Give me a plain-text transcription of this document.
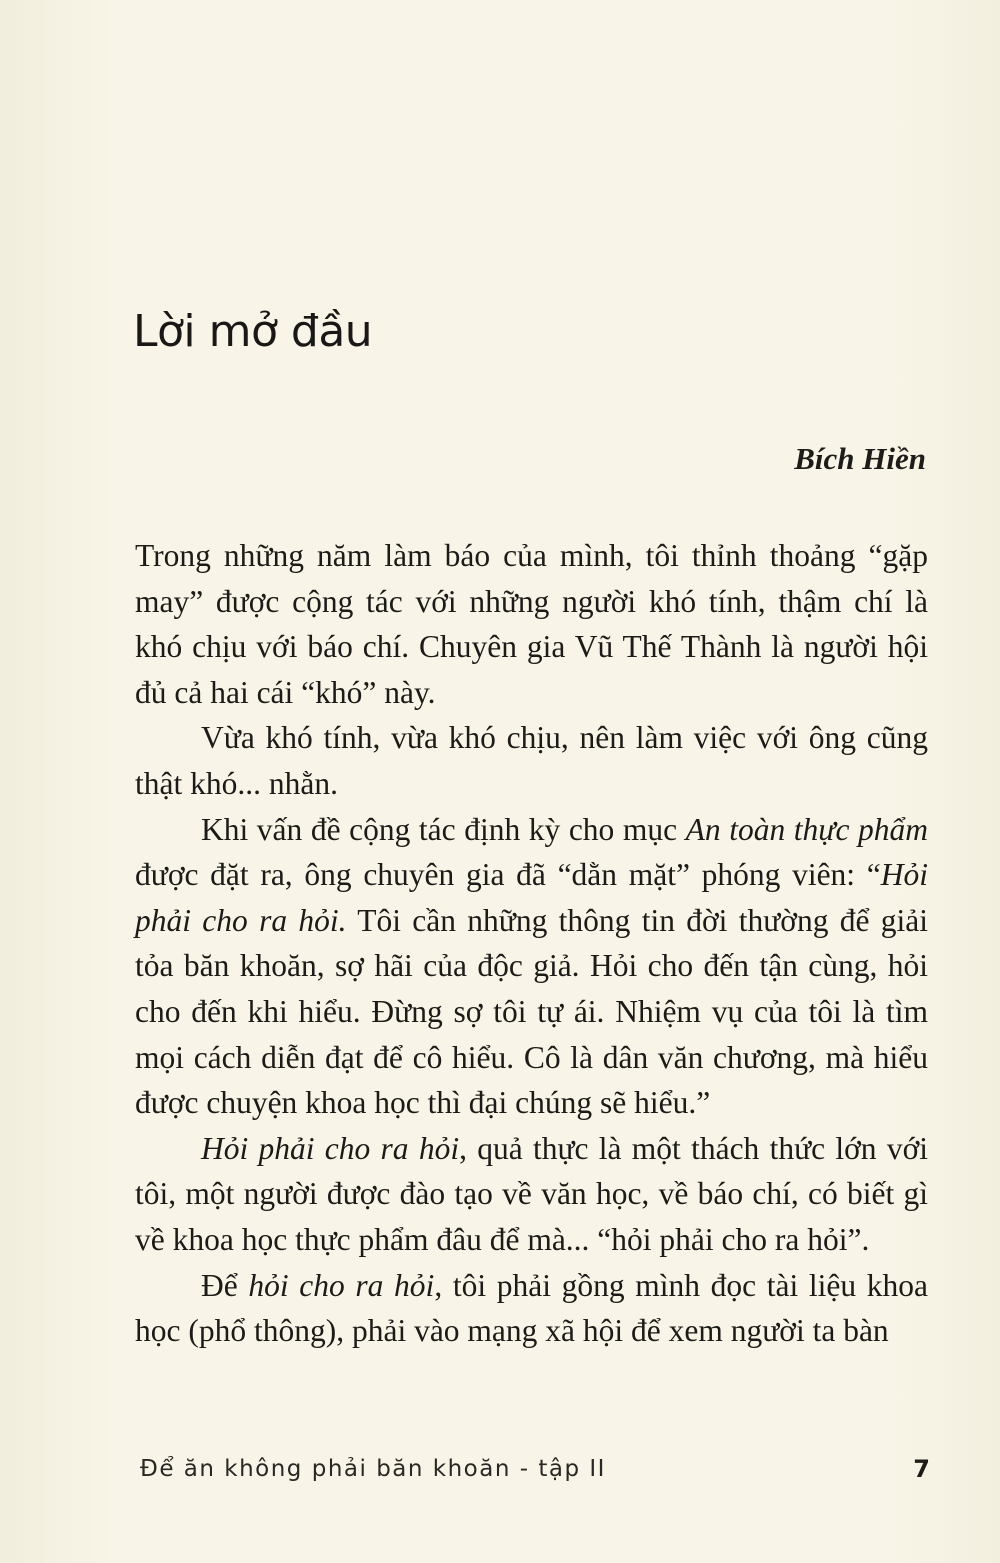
Lời mở đầu
Bích Hiền

Trong những năm làm báo của mình, tôi thỉnh thoảng “gặp may” được cộng tác với những người khó tính, thậm chí là khó chịu với báo chí. Chuyên gia Vũ Thế Thành là người hội đủ cả hai cái “khó” này.

Vừa khó tính, vừa khó chịu, nên làm việc với ông cũng thật khó... nhằn.

Khi vấn đề cộng tác định kỳ cho mục An toàn thực phẩm được đặt ra, ông chuyên gia đã “dằn mặt” phóng viên: “Hỏi phải cho ra hỏi. Tôi cần những thông tin đời thường để giải tỏa băn khoăn, sợ hãi của độc giả. Hỏi cho đến tận cùng, hỏi cho đến khi hiểu. Đừng sợ tôi tự ái. Nhiệm vụ của tôi là tìm mọi cách diễn đạt để cô hiểu. Cô là dân văn chương, mà hiểu được chuyện khoa học thì đại chúng sẽ hiểu.”

Hỏi phải cho ra hỏi, quả thực là một thách thức lớn với tôi, một người được đào tạo về văn học, về báo chí, có biết gì về khoa học thực phẩm đâu để mà... “hỏi phải cho ra hỏi”.

Để hỏi cho ra hỏi, tôi phải gồng mình đọc tài liệu khoa học (phổ thông), phải vào mạng xã hội để xem người ta bàn

Để ăn không phải băn khoăn - tập II	7
